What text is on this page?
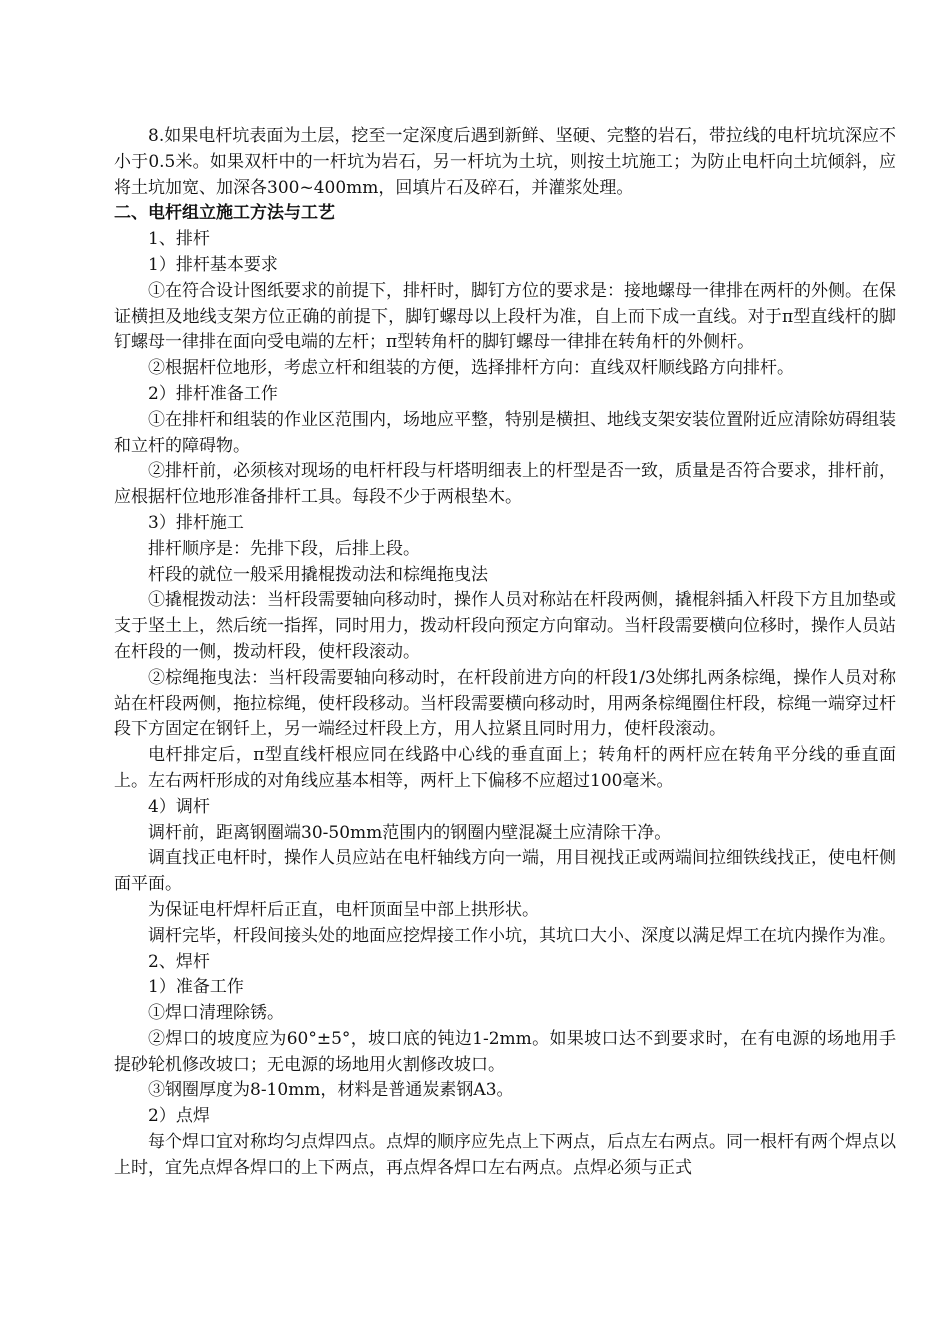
8.如果电杆坑表面为土层，挖至一定深度后遇到新鲜、坚硬、完整的岩石，带拉线的电杆坑坑深应不小于0.5米。如果双杆中的一杆坑为岩石，另一杆坑为土坑，则按土坑施工；为防止电杆向土坑倾斜，应将土坑加宽、加深各300~400mm，回填片石及碎石，并灌浆处理。

二、电杆组立施工方法与工艺

1、排杆

1）排杆基本要求

①在符合设计图纸要求的前提下，排杆时，脚钉方位的要求是：接地螺母一律排在两杆的外侧。在保证横担及地线支架方位正确的前提下，脚钉螺母以上段杆为准，自上而下成一直线。对于π型直线杆的脚钉螺母一律排在面向受电端的左杆；π型转角杆的脚钉螺母一律排在转角杆的外侧杆。

②根据杆位地形，考虑立杆和组装的方便，选择排杆方向：直线双杆顺线路方向排杆。

2）排杆准备工作

①在排杆和组装的作业区范围内，场地应平整，特别是横担、地线支架安装位置附近应清除妨碍组装和立杆的障碍物。

②排杆前，必须核对现场的电杆杆段与杆塔明细表上的杆型是否一致，质量是否符合要求，排杆前，应根据杆位地形准备排杆工具。每段不少于两根垫木。

3）排杆施工

排杆顺序是：先排下段，后排上段。

杆段的就位一般采用撬棍拨动法和棕绳拖曳法

①撬棍拨动法：当杆段需要轴向移动时，操作人员对称站在杆段两侧，撬棍斜插入杆段下方且加垫或支于坚土上，然后统一指挥，同时用力，拨动杆段向预定方向窜动。当杆段需要横向位移时，操作人员站在杆段的一侧，拨动杆段，使杆段滚动。

②棕绳拖曳法：当杆段需要轴向移动时，在杆段前进方向的杆段1/3处绑扎两条棕绳，操作人员对称站在杆段两侧，拖拉棕绳，使杆段移动。当杆段需要横向移动时，用两条棕绳圈住杆段，棕绳一端穿过杆段下方固定在钢钎上，另一端经过杆段上方，用人拉紧且同时用力，使杆段滚动。

电杆排定后，π型直线杆根应同在线路中心线的垂直面上；转角杆的两杆应在转角平分线的垂直面上。左右两杆形成的对角线应基本相等，两杆上下偏移不应超过100毫米。

4）调杆

调杆前，距离钢圈端30-50mm范围内的钢圈内壁混凝土应清除干净。

调直找正电杆时，操作人员应站在电杆轴线方向一端，用目视找正或两端间拉细铁线找正，使电杆侧面平面。

为保证电杆焊杆后正直，电杆顶面呈中部上拱形状。

调杆完毕，杆段间接头处的地面应挖焊接工作小坑，其坑口大小、深度以满足焊工在坑内操作为准。

2、焊杆

1）准备工作

①焊口清理除锈。

②焊口的坡度应为60°±5°，坡口底的钝边1-2mm。如果坡口达不到要求时，在有电源的场地用手提砂轮机修改坡口；无电源的场地用火割修改坡口。

③钢圈厚度为8-10mm，材料是普通炭素钢A3。

2）点焊

每个焊口宜对称均匀点焊四点。点焊的顺序应先点上下两点，后点左右两点。同一根杆有两个焊点以上时，宜先点焊各焊口的上下两点，再点焊各焊口左右两点。点焊必须与正式
